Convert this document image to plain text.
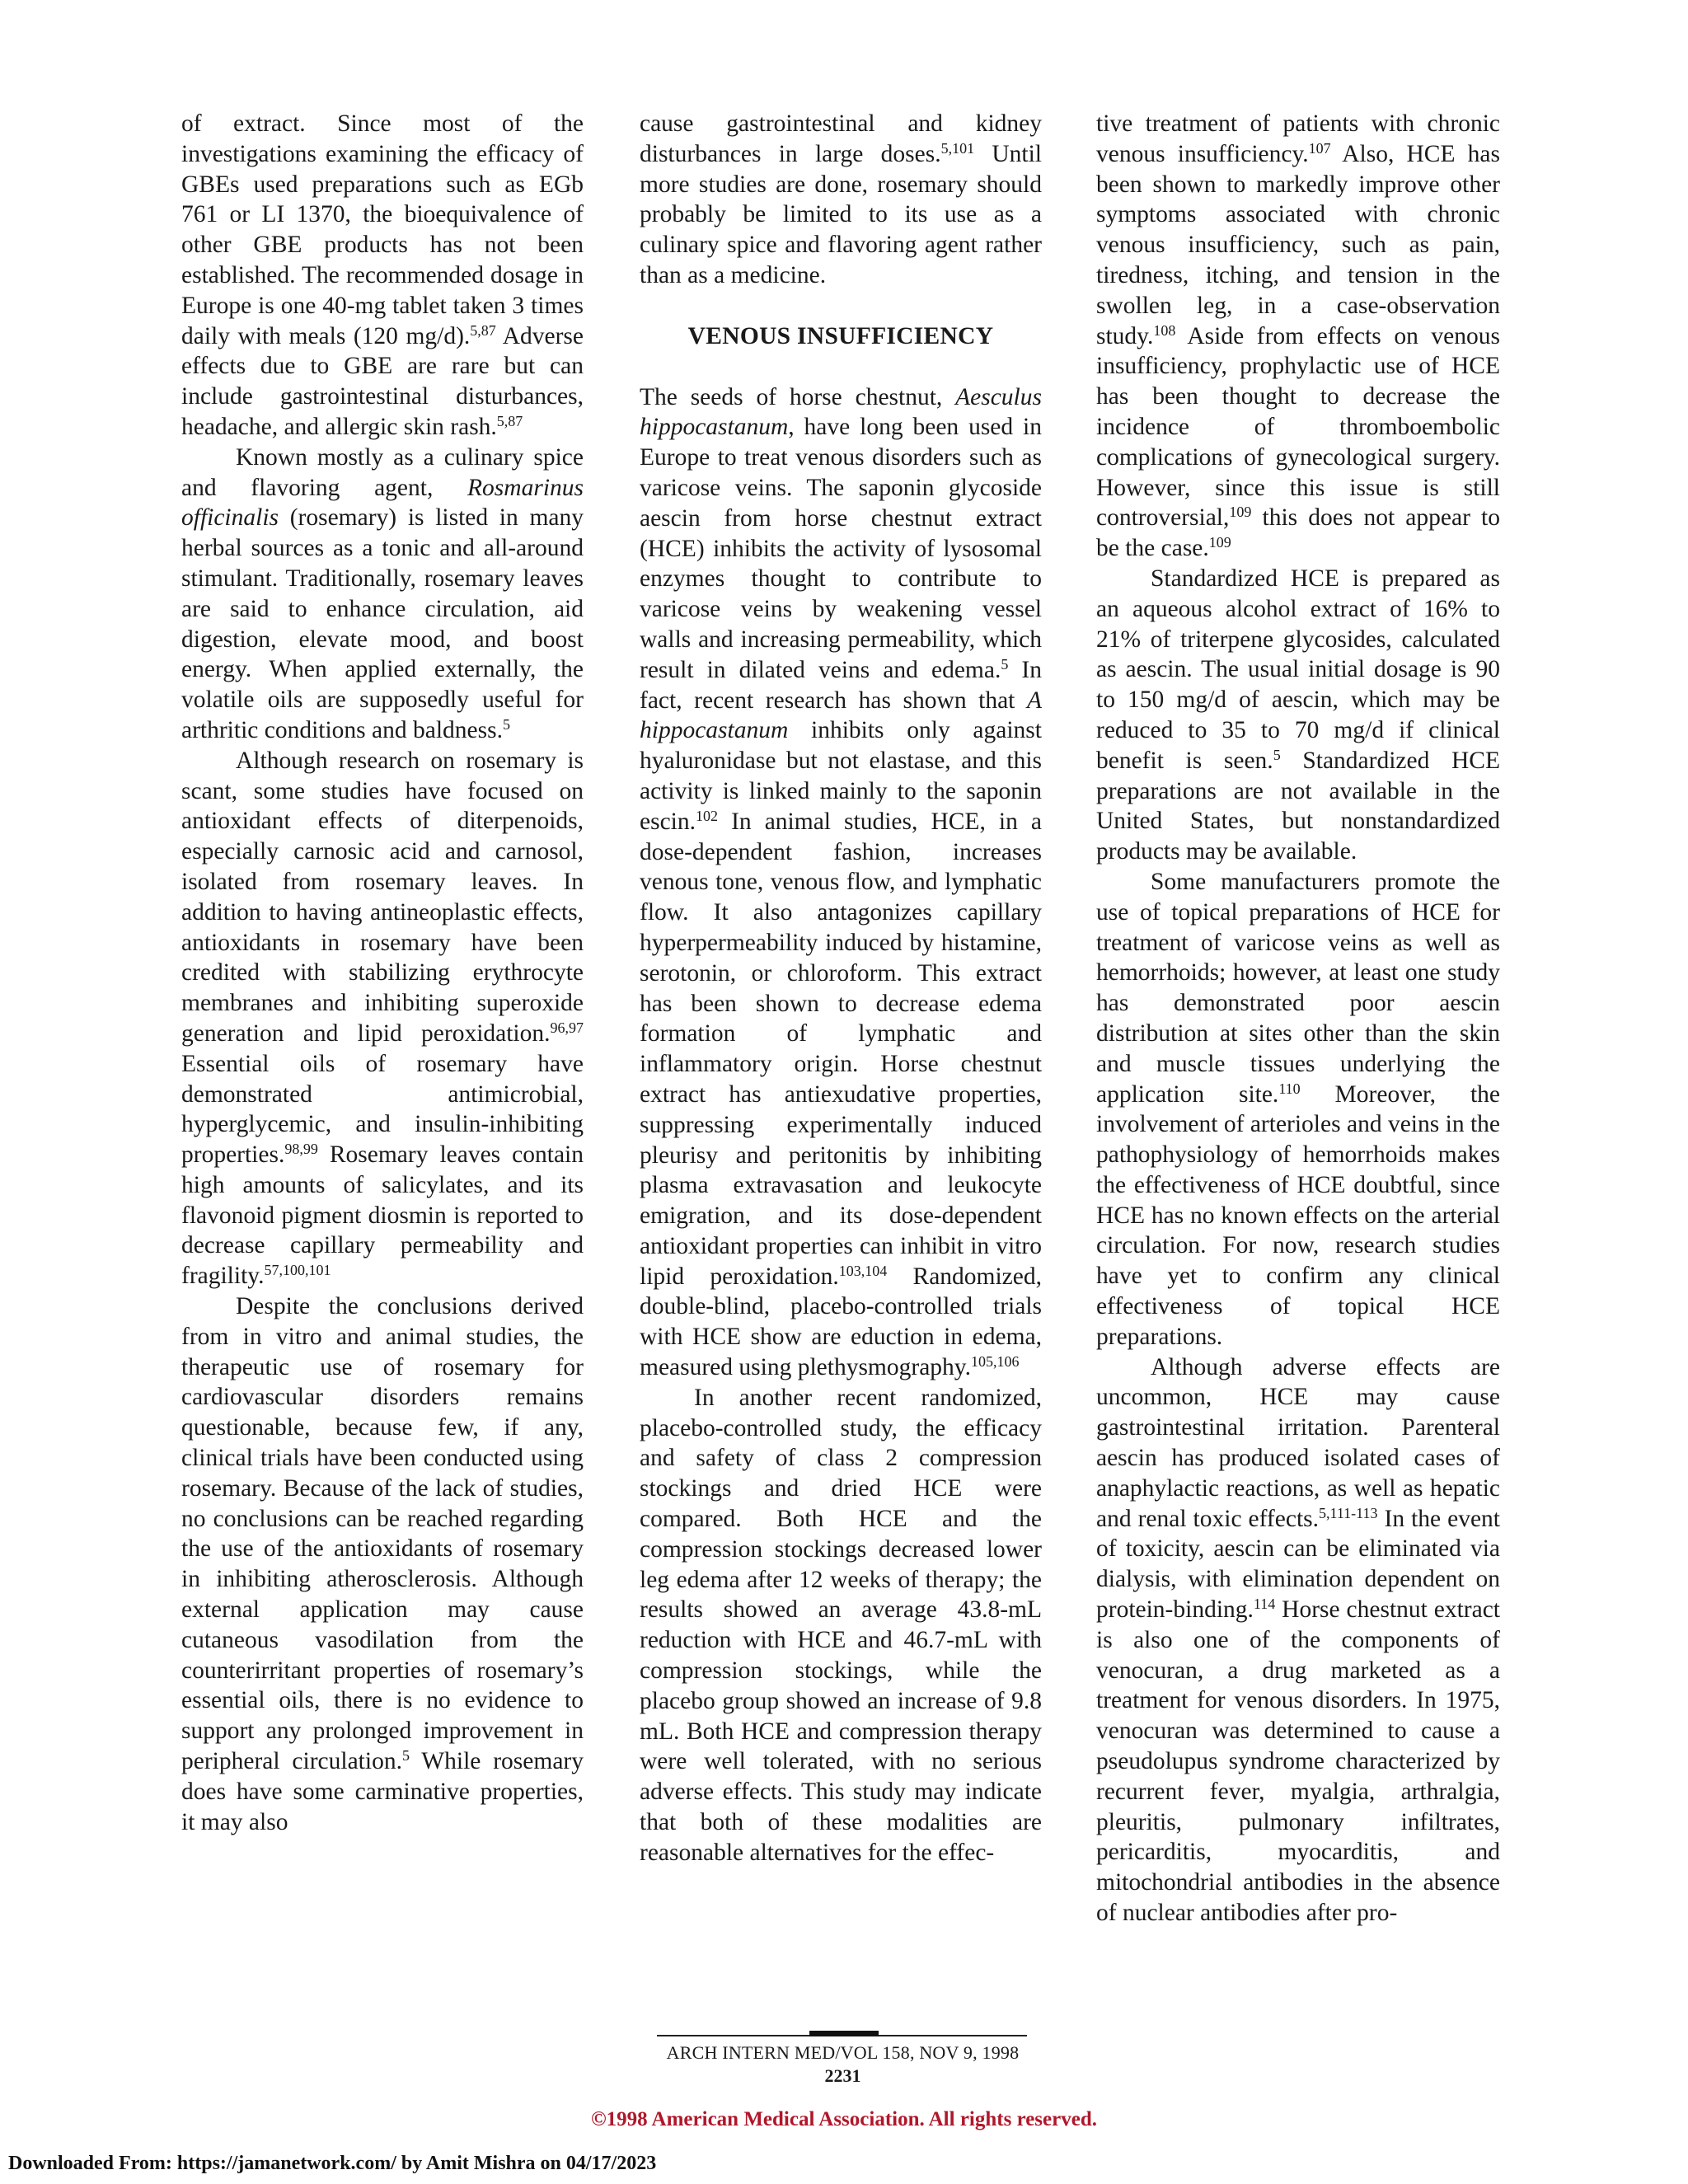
of extract. Since most of the investigations examining the efficacy of GBEs used preparations such as EGb 761 or LI 1370, the bioequivalence of other GBE products has not been established. The recommended dosage in Europe is one 40-mg tablet taken 3 times daily with meals (120 mg/d).$^{5,87}$ Adverse effects due to GBE are rare but can include gastrointestinal disturbances, headache, and allergic skin rash.$^{5,87}$

Known mostly as a culinary spice and flavoring agent, Rosmarinus officinalis (rosemary) is listed in many herbal sources as a tonic and all-around stimulant. Traditionally, rosemary leaves are said to enhance circulation, aid digestion, elevate mood, and boost energy. When applied externally, the volatile oils are supposedly useful for arthritic conditions and baldness.$^5$

Although research on rosemary is scant, some studies have focused on antioxidant effects of diterpenoids, especially carnosic acid and carnosol, isolated from rosemary leaves. In addition to having antineoplastic effects, antioxidants in rosemary have been credited with stabilizing erythrocyte membranes and inhibiting superoxide generation and lipid peroxidation.$^{96,97}$ Essential oils of rosemary have demonstrated antimicrobial, hyperglycemic, and insulin-inhibiting properties.$^{98,99}$ Rosemary leaves contain high amounts of salicylates, and its flavonoid pigment diosmin is reported to decrease capillary permeability and fragility.$^{57,100,101}$

Despite the conclusions derived from in vitro and animal studies, the therapeutic use of rosemary for cardiovascular disorders remains questionable, because few, if any, clinical trials have been conducted using rosemary. Because of the lack of studies, no conclusions can be reached regarding the use of the antioxidants of rosemary in inhibiting atherosclerosis. Although external application may cause cutaneous vasodilation from the counterirritant properties of rosemary’s essential oils, there is no evidence to support any prolonged improvement in peripheral circulation.$^5$ While rosemary does have some carminative properties, it may also

cause gastrointestinal and kidney disturbances in large doses.$^{5,101}$ Until more studies are done, rosemary should probably be limited to its use as a culinary spice and flavoring agent rather than as a medicine.

VENOUS INSUFFICIENCY

The seeds of horse chestnut, Aesculus hippocastanum, have long been used in Europe to treat venous disorders such as varicose veins. The saponin glycoside aescin from horse chestnut extract (HCE) inhibits the activity of lysosomal enzymes thought to contribute to varicose veins by weakening vessel walls and increasing permeability, which result in dilated veins and edema.$^5$ In fact, recent research has shown that A hippocastanum inhibits only against hyaluronidase but not elastase, and this activity is linked mainly to the saponin escin.$^{102}$ In animal studies, HCE, in a dose-dependent fashion, increases venous tone, venous flow, and lymphatic flow. It also antagonizes capillary hyperpermeability induced by histamine, serotonin, or chloroform. This extract has been shown to decrease edema formation of lymphatic and inflammatory origin. Horse chestnut extract has antiexudative properties, suppressing experimentally induced pleurisy and peritonitis by inhibiting plasma extravasation and leukocyte emigration, and its dose-dependent antioxidant properties can inhibit in vitro lipid peroxidation.$^{103,104}$ Randomized, double-blind, placebo-controlled trials with HCE show are eduction in edema, measured using plethysmography.$^{105,106}$

In another recent randomized, placebo-controlled study, the efficacy and safety of class 2 compression stockings and dried HCE were compared. Both HCE and the compression stockings decreased lower leg edema after 12 weeks of therapy; the results showed an average 43.8-mL reduction with HCE and 46.7-mL with compression stockings, while the placebo group showed an increase of 9.8 mL. Both HCE and compression therapy were well tolerated, with no serious adverse effects. This study may indicate that both of these modalities are reasonable alternatives for the effec-

tive treatment of patients with chronic venous insufficiency.$^{107}$ Also, HCE has been shown to markedly improve other symptoms associated with chronic venous insufficiency, such as pain, tiredness, itching, and tension in the swollen leg, in a case-observation study.$^{108}$ Aside from effects on venous insufficiency, prophylactic use of HCE has been thought to decrease the incidence of thromboembolic complications of gynecological surgery. However, since this issue is still controversial,$^{109}$ this does not appear to be the case.$^{109}$

Standardized HCE is prepared as an aqueous alcohol extract of 16% to 21% of triterpene glycosides, calculated as aescin. The usual initial dosage is 90 to 150 mg/d of aescin, which may be reduced to 35 to 70 mg/d if clinical benefit is seen.$^5$ Standardized HCE preparations are not available in the United States, but nonstandardized products may be available.

Some manufacturers promote the use of topical preparations of HCE for treatment of varicose veins as well as hemorrhoids; however, at least one study has demonstrated poor aescin distribution at sites other than the skin and muscle tissues underlying the application site.$^{110}$ Moreover, the involvement of arterioles and veins in the pathophysiology of hemorrhoids makes the effectiveness of HCE doubtful, since HCE has no known effects on the arterial circulation. For now, research studies have yet to confirm any clinical effectiveness of topical HCE preparations.

Although adverse effects are uncommon, HCE may cause gastrointestinal irritation. Parenteral aescin has produced isolated cases of anaphylactic reactions, as well as hepatic and renal toxic effects.$^{5,111-113}$ In the event of toxicity, aescin can be eliminated via dialysis, with elimination dependent on protein-binding.$^{114}$ Horse chestnut extract is also one of the components of venocuran, a drug marketed as a treatment for venous disorders. In 1975, venocuran was determined to cause a pseudolupus syndrome characterized by recurrent fever, myalgia, arthralgia, pleuritis, pulmonary infiltrates, pericarditis, myocarditis, and mitochondrial antibodies in the absence of nuclear antibodies after pro-

ARCH INTERN MED/VOL 158, NOV 9, 1998
2231
©1998 American Medical Association. All rights reserved.
Downloaded From: https://jamanetwork.com/ by Amit Mishra on 04/17/2023
